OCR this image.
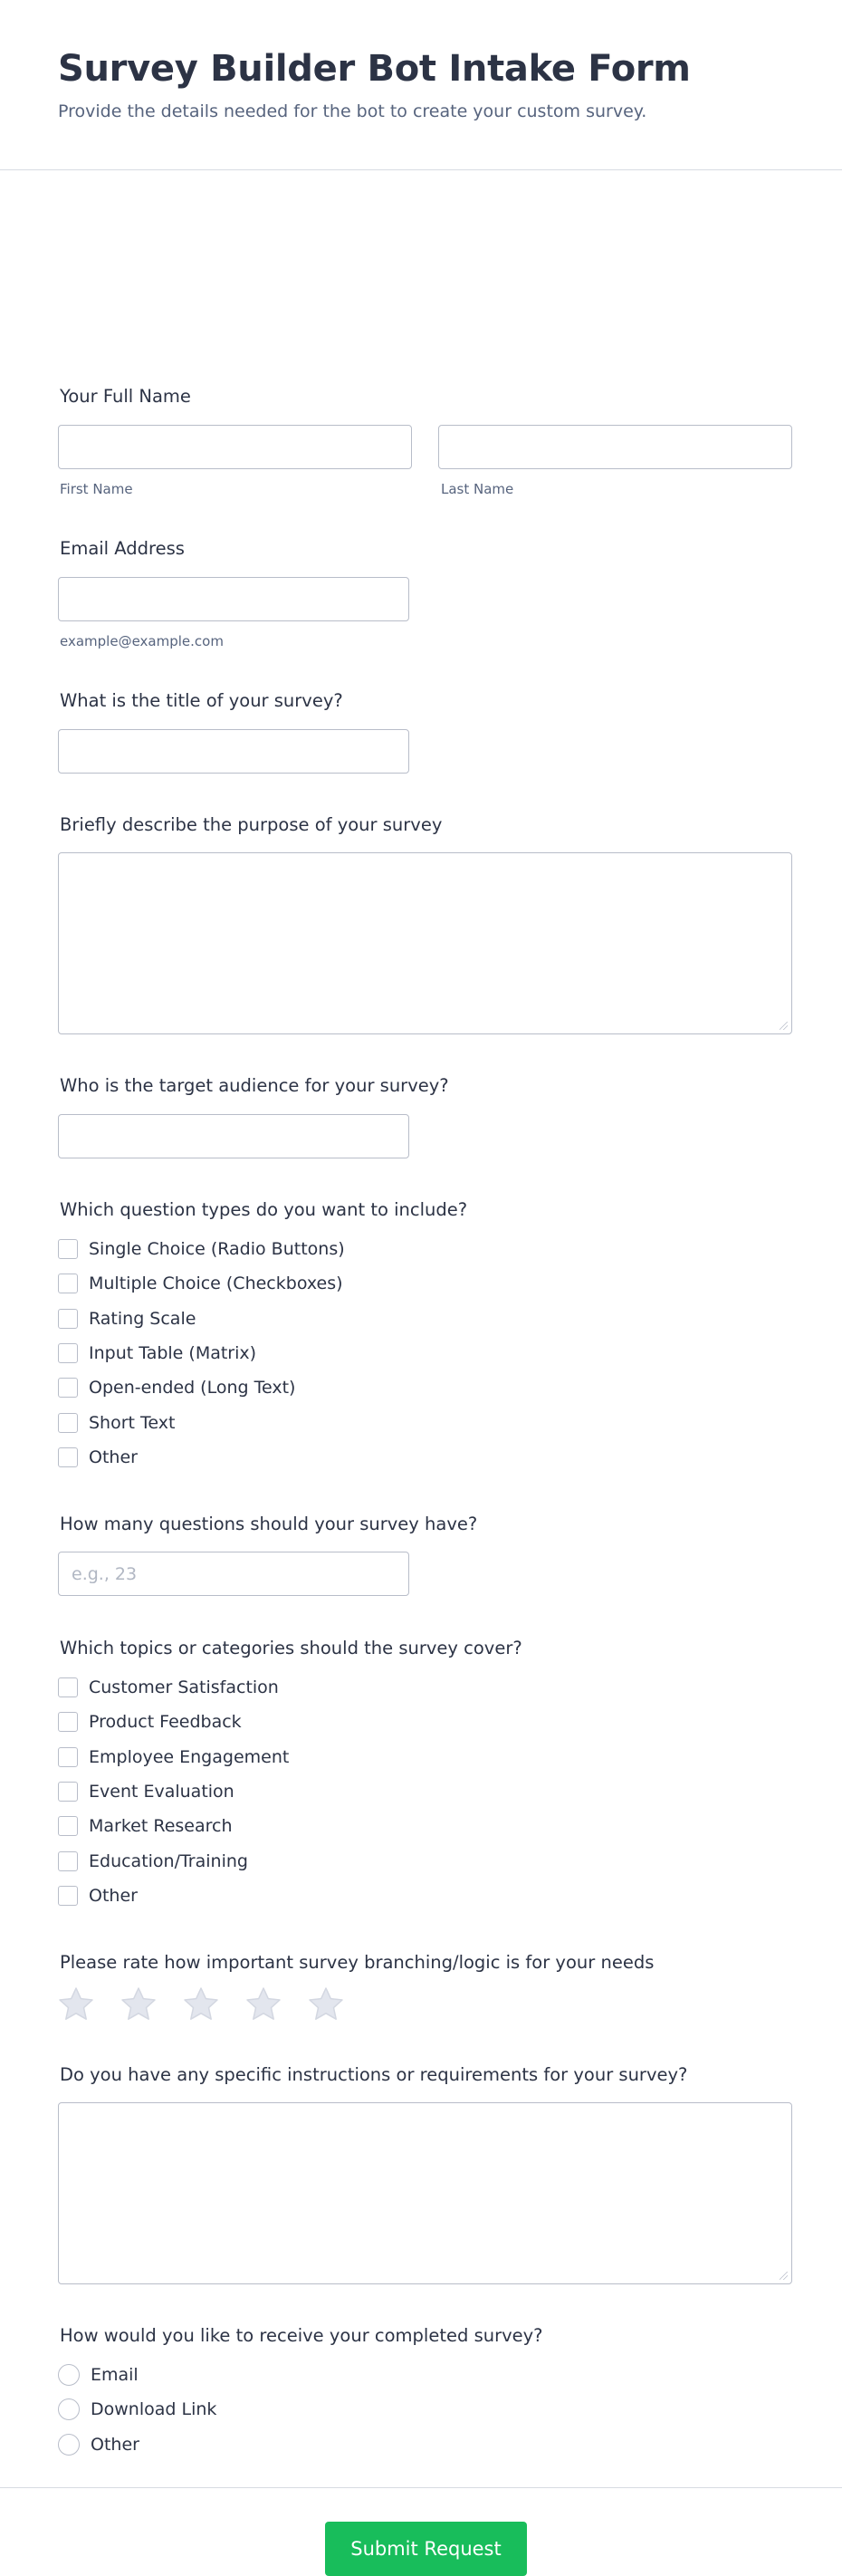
Survey Builder Bot Intake Form
Provide the details needed for the bot to create your custom survey.
Your Full Name
First Name	Last Name
Email Address
example@example.com
What is the title of your survey?
Briefly describe the purpose of your survey
Who is the target audience for your survey?
Which question types do you want to include?
Single Choice (Radio Buttons)
Multiple Choice (Checkboxes)
Rating Scale
Input Table (Matrix)
Open-ended (Long Text)
Short Text
Other
How many questions should your survey have?
e.g., 23
Which topics or categories should the survey cover?
Customer Satisfaction
Product Feedback
Employee Engagement
Event Evaluation
Market Research
Education/Training
Other
Please rate how important survey branching/logic is for your needs
Do you have any specific instructions or requirements for your survey?
How would you like to receive your completed survey?
Email
Download Link
Other
Submit Request
